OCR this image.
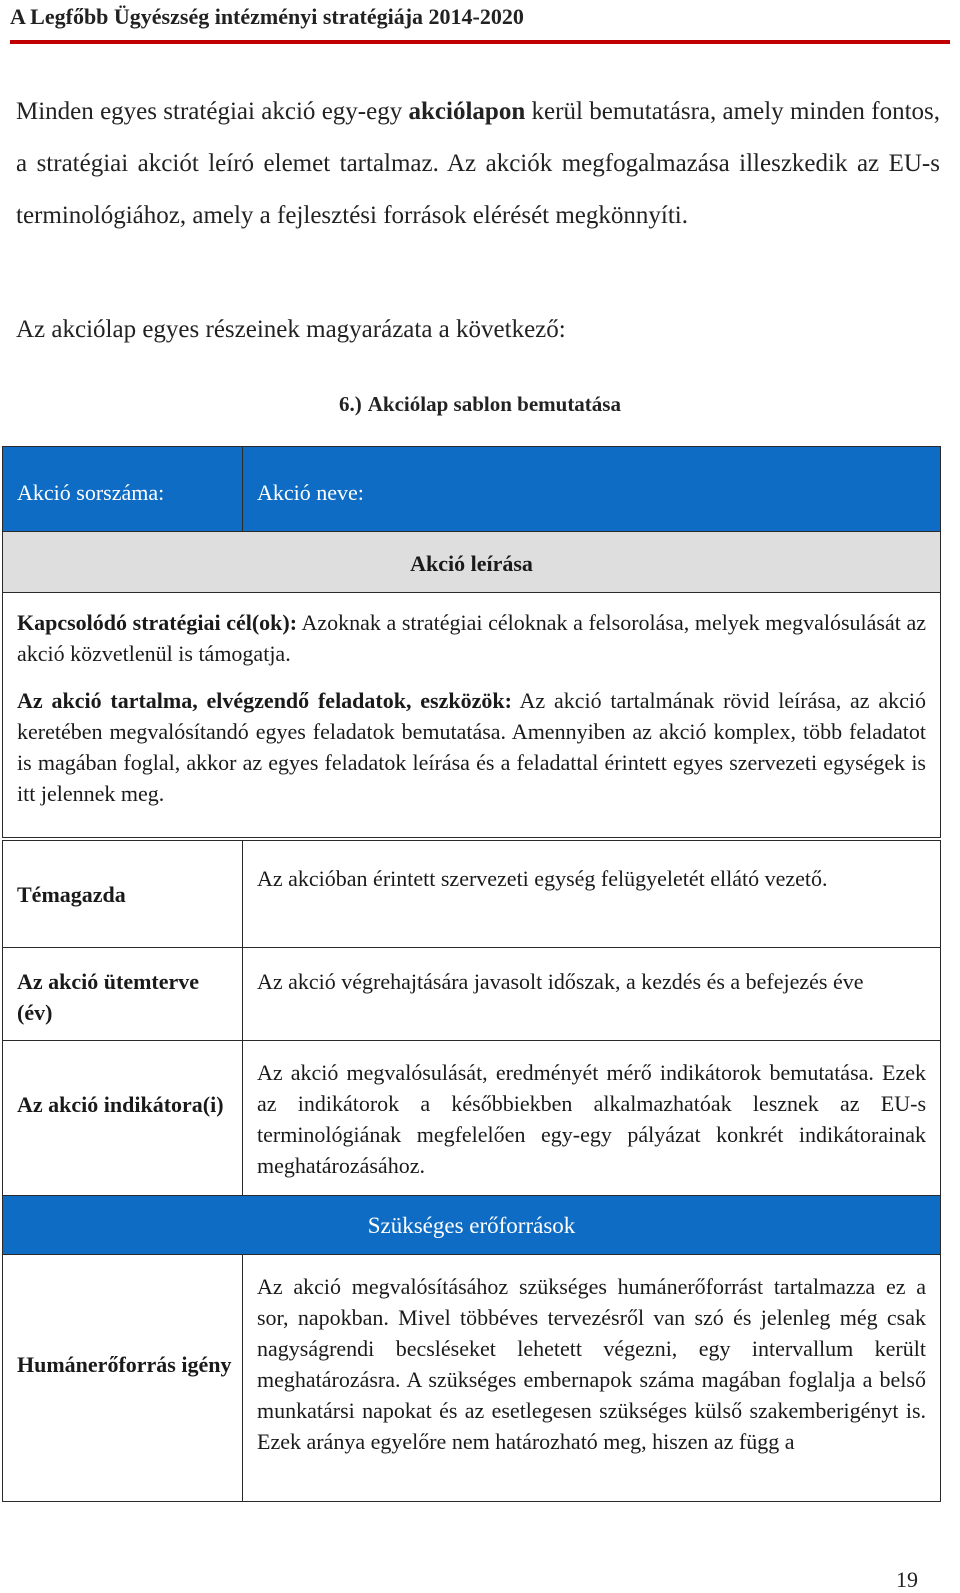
A Legfőbb Ügyészség intézményi stratégiája 2014-2020
Minden egyes stratégiai akció egy-egy akciólapon kerül bemutatásra, amely minden fontos, a stratégiai akciót leíró elemet tartalmaz. Az akciók megfogalmazása illeszkedik az EU-s terminológiához, amely a fejlesztési források elérését megkönnyíti.
Az akciólap egyes részeinek magyarázata a következő:
6.) Akciólap sablon bemutatása
Akció sorszáma:	Akció neve:
Akció leírása
Kapcsolódó stratégiai cél(ok): Azoknak a stratégiai céloknak a felsorolása, melyek megvalósulását az akció közvetlenül is támogatja.
Az akció tartalma, elvégzendő feladatok, eszközök: Az akció tartalmának rövid leírása, az akció keretében megvalósítandó egyes feladatok bemutatása. Amennyiben az akció komplex, több feladatot is magában foglal, akkor az egyes feladatok leírása és a feladattal érintett egyes szervezeti egységek is itt jelennek meg.
Témagazda
Az akcióban érintett szervezeti egység felügyeletét ellátó vezető.
Az akció ütemterve (év)
Az akció végrehajtására javasolt időszak, a kezdés és a befejezés éve
Az akció indikátora(i)
Az akció megvalósulását, eredményét mérő indikátorok bemutatása. Ezek az indikátorok a későbbiekben alkalmazhatóak lesznek az EU-s terminológiának megfelelően egy-egy pályázat konkrét indikátorainak meghatározásához.
Szükséges erőforrások
Humánerőforrás igény
Az akció megvalósításához szükséges humánerőforrást tartalmazza ez a sor, napokban. Mivel többéves tervezésről van szó és jelenleg még csak nagyságrendi becsléseket lehetett végezni, egy intervallum került meghatározásra. A szükséges embernapok száma magában foglalja a belső munkatársi napokat és az esetlegesen szükséges külső szakemberigényt is. Ezek aránya egyelőre nem határozható meg, hiszen az függ a
19
